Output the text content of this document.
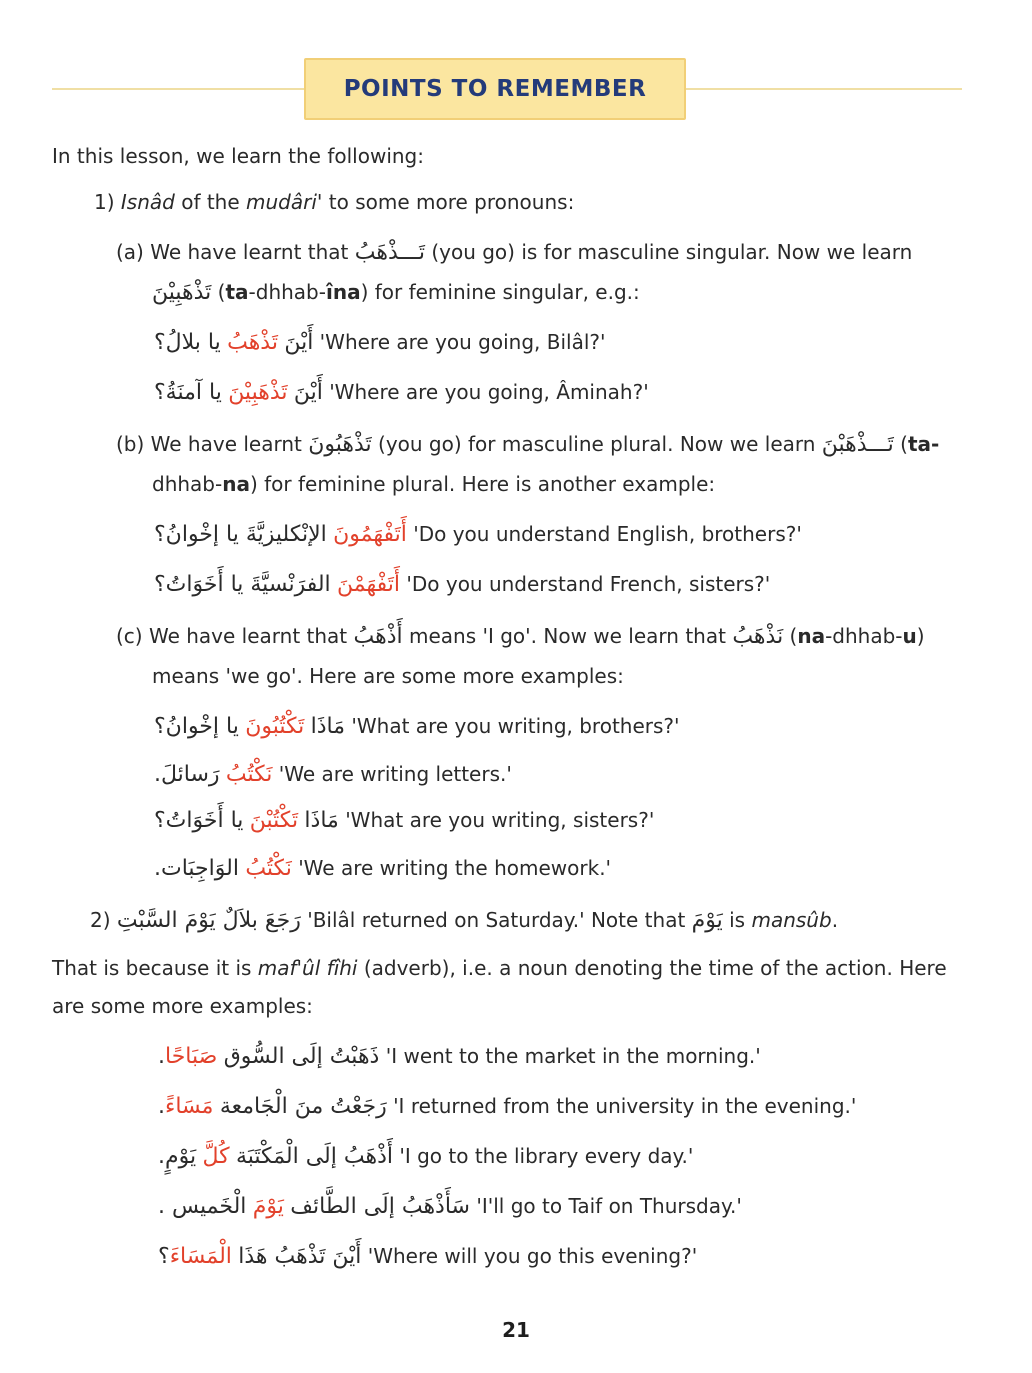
POINTS TO REMEMBER
In this lesson, we learn the following:
1) Isnâd of the mudâri' to some more pronouns:
(a) We have learnt that تَـــذْهَبُ (you go) is for masculine singular. Now we learn
تَذْهَبِيْنَ (ta-dhhab-îna) for feminine singular, e.g.:
يا بلالُ؟ تَذْهَبُ أَيْنَ 'Where are you going, Bilâl?'
يا آمنَةُ؟ تَذْهَبِيْنَ أَيْنَ 'Where are you going, Âminah?'
(b) We have learnt تَذْهَبُونَ (you go) for masculine plural. Now we learn تَـــذْهَبْنَ (ta-
dhhab-na) for feminine plural. Here is another example:
الإنْكليزيَّةَ يا إخْوانُ؟ أَتَفْهَمُونَ 'Do you understand English, brothers?'
الفرَنْسيَّةَ يا أَخَوَاتُ؟ أَتَفْهَمْنَ 'Do you understand French, sisters?'
(c) We have learnt that أَذْهَبُ means 'I go'. Now we learn that نَذْهَبُ (na-dhhab-u)
means 'we go'. Here are some more examples:
يا إخْوانُ؟ تَكْتُبُونَ مَاذَا 'What are you writing, brothers?'
رَسائلَ. نَكْتُبُ 'We are writing letters.'
يا أَخَوَاتُ؟ تَكْتُبْنَ مَاذَا 'What are you writing, sisters?'
الوَاجِبَات. نَكْتُبُ 'We are writing the homework.'
2) رَجَعَ بلاَلٌ يَوْمَ السَّبْتِ 'Bilâl returned on Saturday.' Note that يَوْمَ is mansûb.
That is because it is maf'ûl fîhi (adverb), i.e. a noun denoting the time of the action. Here
are some more examples:
.صَبَاحًا ذَهَبْتُ إلَى السُّوق 'I went to the market in the morning.'
.مَسَاءً رَجَعْتُ منَ الْجَامعة 'I returned from the university in the evening.'
يَوْمٍ. كُلَّ أَذْهَبُ إلَى الْمَكْتَبَة 'I go to the library every day.'
الْخَميس . يَوْمَ سَأَذْهَبُ إلَى الطَّائف 'I'll go to Taif on Thursday.'
؟الْمَسَاءَ أَيْنَ تَذْهَبُ هَذَا 'Where will you go this evening?'
21
